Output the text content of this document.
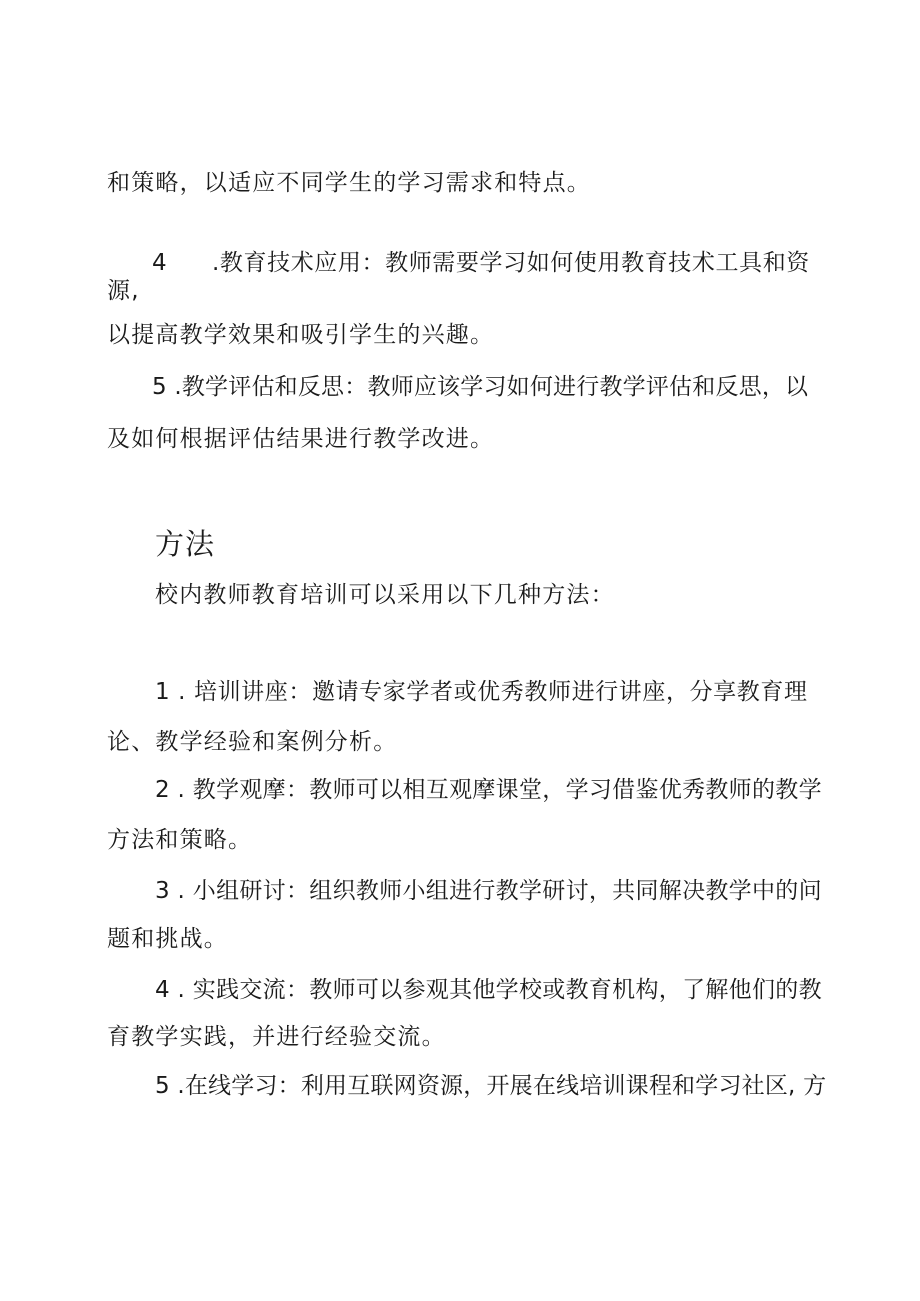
和策略，以适应不同学生的学习需求和特点。
4 .教育技术应用：教师需要学习如何使用教育技术工具和资
源,
以提高教学效果和吸引学生的兴趣。
5 .教学评估和反思：教师应该学习如何进行教学评估和反思，以
及如何根据评估结果进行教学改进。
方法
校内教师教育培训可以采用以下几种方法：
1 . 培训讲座：邀请专家学者或优秀教师进行讲座，分享教育理
论、教学经验和案例分析。
2 . 教学观摩：教师可以相互观摩课堂，学习借鉴优秀教师的教学
方法和策略。
3 . 小组研讨：组织教师小组进行教学研讨，共同解决教学中的问
题和挑战。
4 . 实践交流：教师可以参观其他学校或教育机构，了解他们的教
育教学实践，并进行经验交流。
5 .在线学习：利用互联网资源，开展在线培训课程和学习社区, 方
